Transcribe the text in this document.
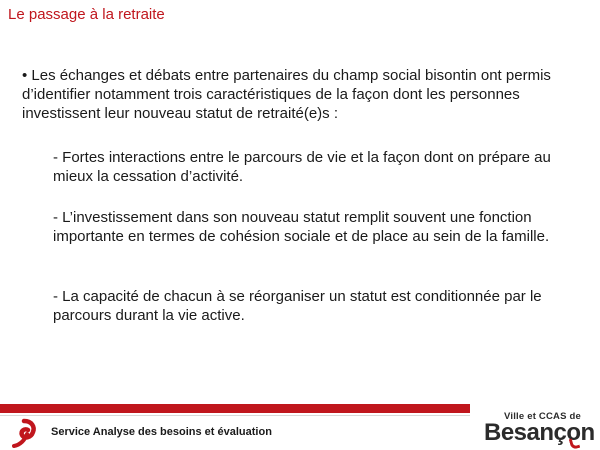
Le passage à la retraite

• Les échanges et débats entre partenaires du champ social bisontin ont permis d’identifier notamment trois caractéristiques de la façon dont les personnes investissent leur nouveau statut de retraité(e)s :

- Fortes interactions entre le parcours de vie et la façon dont on prépare au mieux la cessation d’activité.

- L’investissement dans son nouveau statut remplit souvent une fonction importante en termes de cohésion sociale et de place au sein de la famille.

- La capacité de chacun à se réorganiser un statut est conditionnée par le parcours durant la vie active.

Service Analyse des besoins et évaluation
Ville et CCAS de
Besançon
